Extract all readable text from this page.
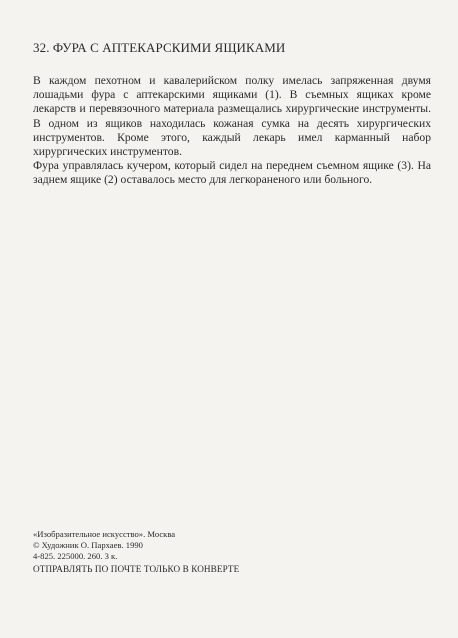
32. ФУРА С АПТЕКАРСКИМИ ЯЩИКАМИ

В каждом пехотном и кавалерийском полку имелась запряженная двумя лошадьми фура с аптекарскими ящиками (1). В съемных ящиках кроме лекарств и перевязочного материала размещались хирургические инструменты. В одном из ящиков находилась кожаная сумка на десять хирургических инструментов. Кроме этого, каждый лекарь имел карманный набор хирургических инструментов.

Фура управлялась кучером, который сидел на переднем съемном ящике (3). На заднем ящике (2) оставалось место для легкораненого или больного.

«Изобразительное искусство». Москва
© Художник О. Пархаев. 1990
4-825. 225000. 260. 3 к.
ОТПРАВЛЯТЬ ПО ПОЧТЕ ТОЛЬКО В КОНВЕРТЕ
